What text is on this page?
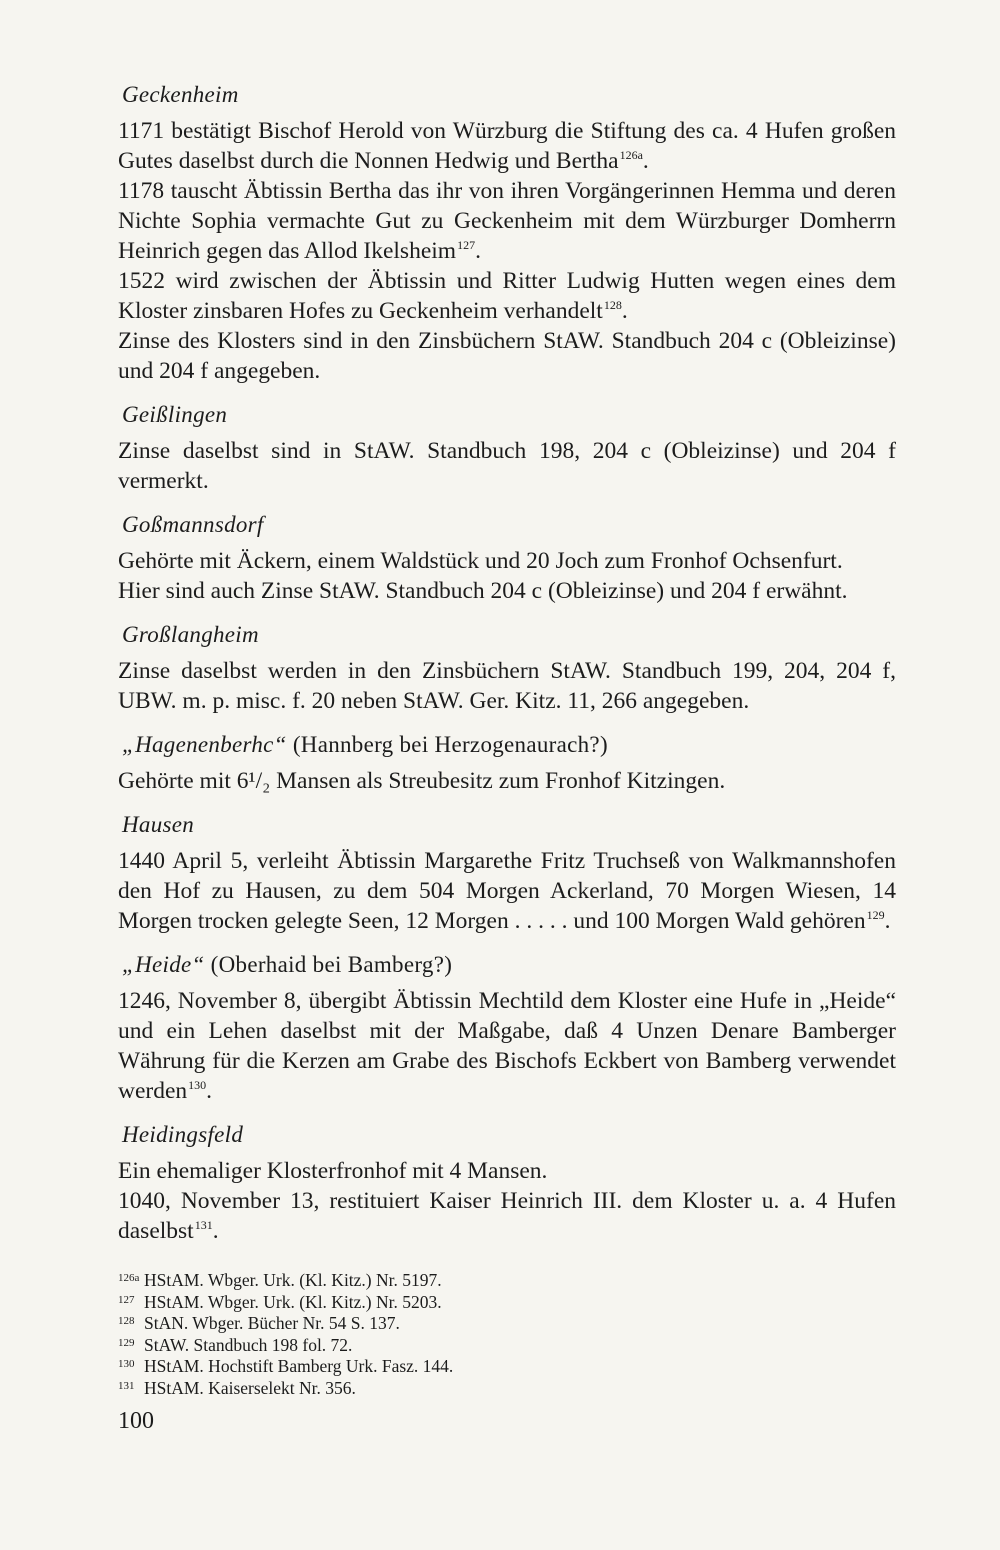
Geckenheim

1171 bestätigt Bischof Herold von Würzburg die Stiftung des ca. 4 Hufen großen Gutes daselbst durch die Nonnen Hedwig und Bertha$^{126a}$.

1178 tauscht Äbtissin Bertha das ihr von ihren Vorgängerinnen Hemma und deren Nichte Sophia vermachte Gut zu Geckenheim mit dem Würzburger Domherrn Heinrich gegen das Allod Ikelsheim$^{127}$.

1522 wird zwischen der Äbtissin und Ritter Ludwig Hutten wegen eines dem Kloster zinsbaren Hofes zu Geckenheim verhandelt$^{128}$.

Zinse des Klosters sind in den Zinsbüchern StAW. Standbuch 204 c (Obleizinse) und 204 f angegeben.

Geißlingen

Zinse daselbst sind in StAW. Standbuch 198, 204 c (Obleizinse) und 204 f vermerkt.

Goßmannsdorf

Gehörte mit Äckern, einem Waldstück und 20 Joch zum Fronhof Ochsenfurt.

Hier sind auch Zinse StAW. Standbuch 204 c (Obleizinse) und 204 f erwähnt.

Großlangheim

Zinse daselbst werden in den Zinsbüchern StAW. Standbuch 199, 204, 204 f, UBW. m. p. misc. f. 20 neben StAW. Ger. Kitz. 11, 266 angegeben.

„Hagenenberhc“ (Hannberg bei Herzogenaurach?)

Gehörte mit 6¹/₂ Mansen als Streubesitz zum Fronhof Kitzingen.

Hausen

1440 April 5, verleiht Äbtissin Margarethe Fritz Truchseß von Walkmannshofen den Hof zu Hausen, zu dem 504 Morgen Ackerland, 70 Morgen Wiesen, 14 Morgen trocken gelegte Seen, 12 Morgen . . . . . und 100 Morgen Wald gehören$^{129}$.

„Heide“ (Oberhaid bei Bamberg?)

1246, November 8, übergibt Äbtissin Mechtild dem Kloster eine Hufe in „Heide“ und ein Lehen daselbst mit der Maßgabe, daß 4 Unzen Denare Bamberger Währung für die Kerzen am Grabe des Bischofs Eckbert von Bamberg verwendet werden$^{130}$.

Heidingsfeld

Ein ehemaliger Klosterfronhof mit 4 Mansen.

1040, November 13, restituiert Kaiser Heinrich III. dem Kloster u. a. 4 Hufen daselbst$^{131}$.

126a HStAM. Wbger. Urk. (Kl. Kitz.) Nr. 5197.

127 HStAM. Wbger. Urk. (Kl. Kitz.) Nr. 5203.

128 StAN. Wbger. Bücher Nr. 54 S. 137.

129 StAW. Standbuch 198 fol. 72.

130 HStAM. Hochstift Bamberg Urk. Fasz. 144.

131 HStAM. Kaiserselekt Nr. 356.

100
